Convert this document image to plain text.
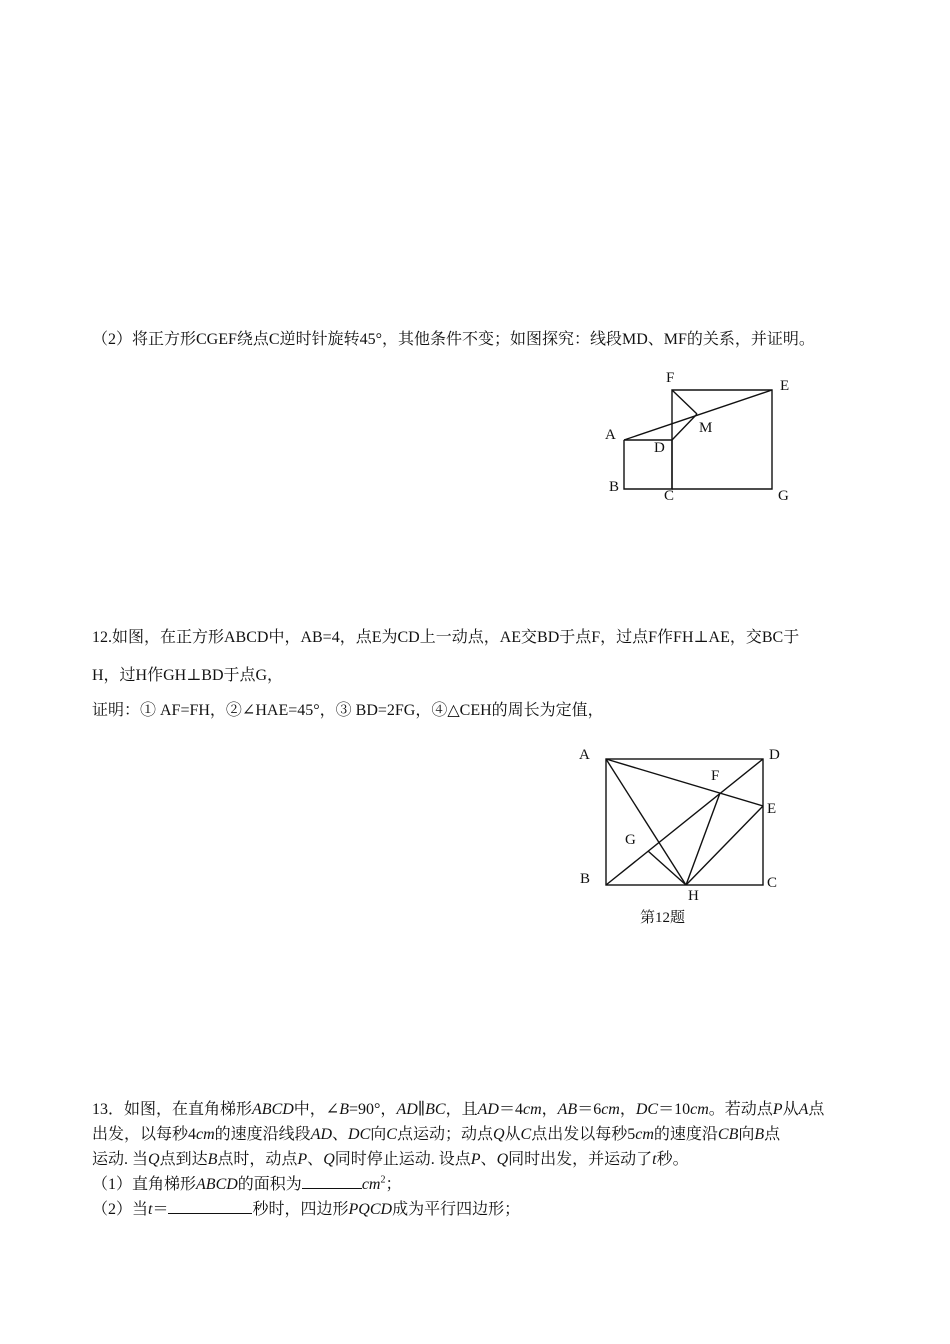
（2）将正方形CGEF绕点C逆时针旋转45°，其他条件不变；如图探究：线段MD、MF的关系，并证明。
F	E
M
A
D
B
C	G
12.如图，在正方形ABCD中，AB=4，点E为CD上一动点，AE交BD于点F，过点F作FH⊥AE，交BC于
H，过H作GH⊥BD于点G，
证明：① AF=FH，②∠HAE=45°，③ BD=2FG，④△CEH的周长为定值，
A	D
F
E
G
B	C
H
第12题
13．如图，在直角梯形ABCD中，∠B=90°，AD∥BC，且AD＝4cm，AB＝6cm，DC＝10cm。若动点P从A点
出发，以每秒4cm的速度沿线段AD、DC向C点运动；动点Q从C点出发以每秒5cm的速度沿CB向B点
运动. 当Q点到达B点时，动点P、Q同时停止运动. 设点P、Q同时出发，并运动了t秒。
（1）直角梯形ABCD的面积为	$cm^2$；
（2）当t＝	秒时，四边形PQCD成为平行四边形；
